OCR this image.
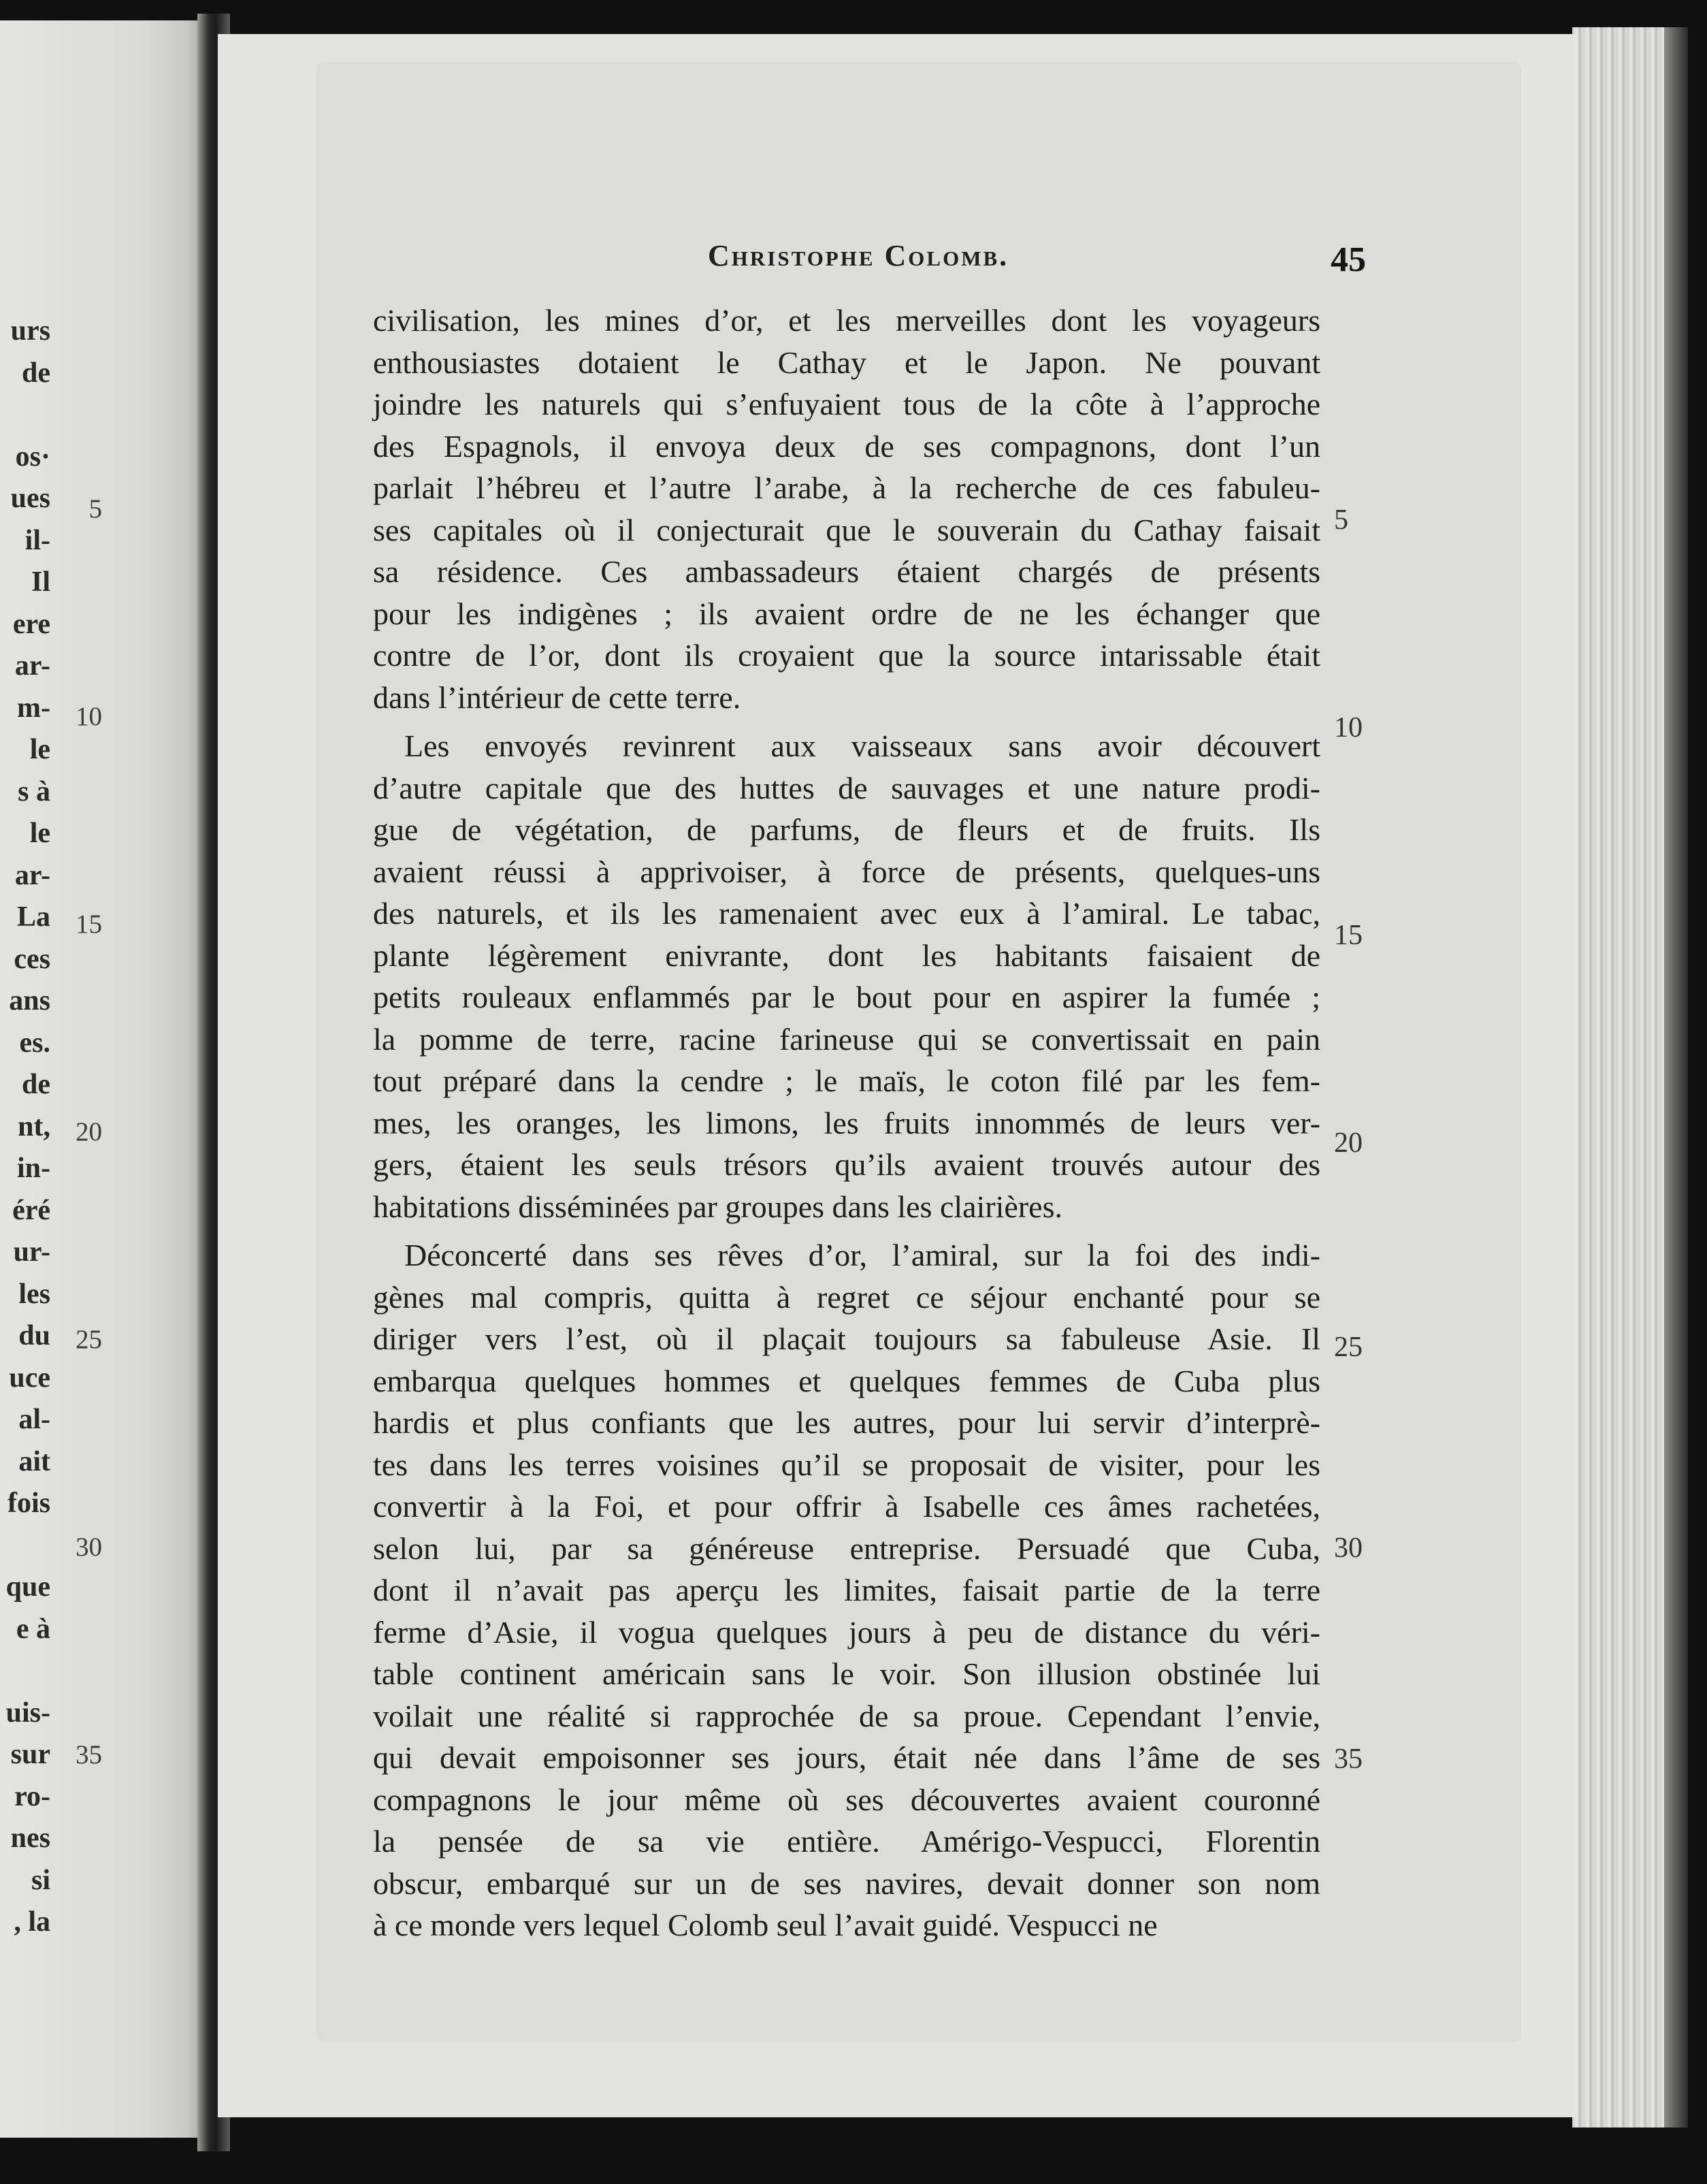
urs
de
os·
ues
il-
Il
ere
ar-
m-
le
s à
le
ar-
La
ces
ans
es.
de
nt,
in-
éré
ur-
les
du
uce
al-
ait
fois
que
e à
uis-
sur
ro-
nes
si
, la
5
10
15
20
25
30
35
Christophe Colomb.	45
civilisation, les mines d’or, et les merveilles dont les voyageurs
enthousiastes dotaient le Cathay et le Japon. Ne pouvant
joindre les naturels qui s’enfuyaient tous de la côte à l’approche
des Espagnols, il envoya deux de ses compagnons, dont l’un
parlait l’hébreu et l’autre l’arabe, à la recherche de ces fabuleu-
ses capitales où il conjecturait que le souverain du Cathay faisait
sa résidence. Ces ambassadeurs étaient chargés de présents
pour les indigènes ; ils avaient ordre de ne les échanger que
contre de l’or, dont ils croyaient que la source intarissable était
dans l’intérieur de cette terre.
Les envoyés revinrent aux vaisseaux sans avoir découvert
d’autre capitale que des huttes de sauvages et une nature prodi-
gue de végétation, de parfums, de fleurs et de fruits. Ils
avaient réussi à apprivoiser, à force de présents, quelques-uns
des naturels, et ils les ramenaient avec eux à l’amiral. Le tabac,
plante légèrement enivrante, dont les habitants faisaient de
petits rouleaux enflammés par le bout pour en aspirer la fumée ;
la pomme de terre, racine farineuse qui se convertissait en pain
tout préparé dans la cendre ; le maïs, le coton filé par les fem-
mes, les oranges, les limons, les fruits innommés de leurs ver-
gers, étaient les seuls trésors qu’ils avaient trouvés autour des
habitations disséminées par groupes dans les clairières.
Déconcerté dans ses rêves d’or, l’amiral, sur la foi des indi-
gènes mal compris, quitta à regret ce séjour enchanté pour se
diriger vers l’est, où il plaçait toujours sa fabuleuse Asie. Il
embarqua quelques hommes et quelques femmes de Cuba plus
hardis et plus confiants que les autres, pour lui servir d’interprè-
tes dans les terres voisines qu’il se proposait de visiter, pour les
convertir à la Foi, et pour offrir à Isabelle ces âmes rachetées,
selon lui, par sa généreuse entreprise. Persuadé que Cuba,
dont il n’avait pas aperçu les limites, faisait partie de la terre
ferme d’Asie, il vogua quelques jours à peu de distance du véri-
table continent américain sans le voir. Son illusion obstinée lui
voilait une réalité si rapprochée de sa proue. Cependant l’envie,
qui devait empoisonner ses jours, était née dans l’âme de ses
compagnons le jour même où ses découvertes avaient couronné
la pensée de sa vie entière. Amérigo-Vespucci, Florentin
obscur, embarqué sur un de ses navires, devait donner son nom
à ce monde vers lequel Colomb seul l’avait guidé. Vespucci ne
5
10
15
20
25
30
35
